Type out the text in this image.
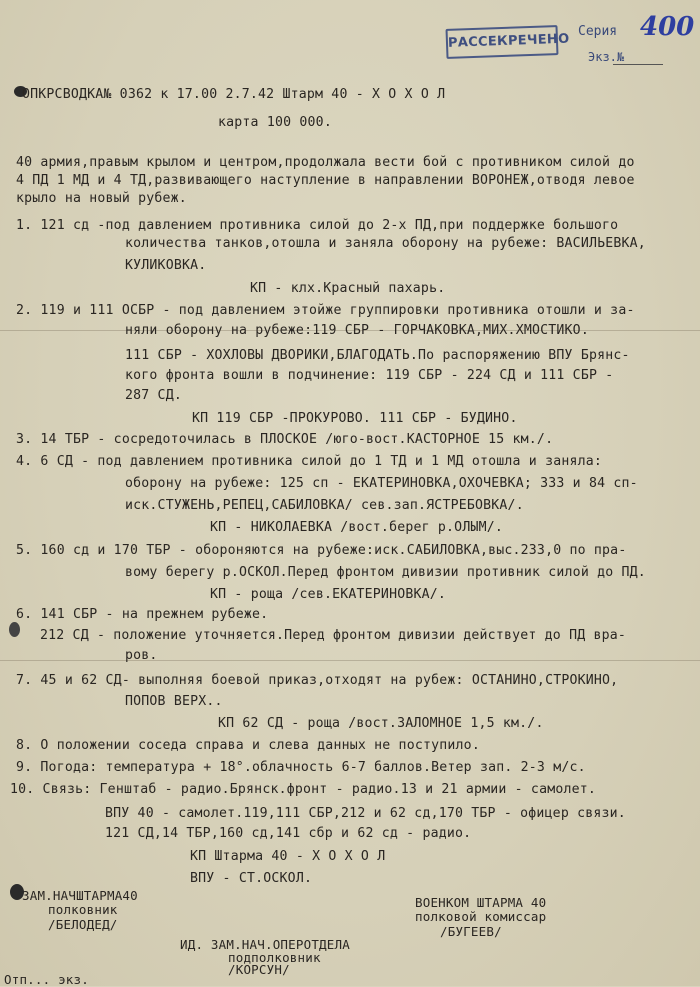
РАССЕКРЕЧЕНО
Серия 400
Экз.№
ОПКРСВОДКА№ 0362 к 17.00 2.7.42 Штарм 40 - Х О Х О Л
карта 100 000.
40 армия,правым крылом и центром,продолжала вести бой с противником силой до
4 ПД 1 МД и 4 ТД,развивающего наступление в направлении ВОРОНЕЖ,отводя левое
крыло на новый рубеж.
1. 121 сд -под давлением противника силой до 2-х ПД,при поддержке большого
количества танков,отошла и заняла оборону на рубеже: ВАСИЛЬЕВКА,
КУЛИКОВКА.
КП - клх.Красный пахарь.
2. 119 и 111 ОСБР - под давлением этойже группировки противника отошли и за-
няли оборону на рубеже:119 СБР - ГОРЧАКОВКА,МИХ.ХМОСТИКО.
111 СБР - ХОХЛОВЫ ДВОРИКИ,БЛАГОДАТЬ.По распоряжению ВПУ Брянс-
кого фронта вошли в подчинение: 119 СБР - 224 СД и 111 СБР -
287 СД.
КП 119 СБР -ПРОКУРОВО. 111 СБР - БУДИНО.
3. 14 ТБР - сосредоточилась в ПЛОСКОЕ /юго-вост.КАСТОРНОЕ 15 км./.
4. 6 СД - под давлением противника силой до 1 ТД и 1 МД отошла и заняла:
оборону на рубеже: 125 сп - ЕКАТЕРИНОВКА,ОХОЧЕВКА; 333 и 84 сп-
иск.СТУЖЕНЬ,РЕПЕЦ,САБИЛОВКА/ сев.зап.ЯСТРЕБОВКА/.
КП - НИКОЛАЕВКА /вост.берег р.ОЛЫМ/.
5. 160 сд и 170 ТБР - обороняются на рубеже:иск.САБИЛОВКА,выс.233,0 по пра-
вому берегу р.ОСКОЛ.Перед фронтом дивизии противник силой до ПД.
КП - роща /сев.ЕКАТЕРИНОВКА/.
6. 141 СБР - на прежнем рубеже.
212 СД - положение уточняется.Перед фронтом дивизии действует до ПД вра-
ров.
7. 45 и 62 СД- выполняя боевой приказ,отходят на рубеж: ОСТАНИНО,СТРОКИНО,
ПОПОВ ВЕРХ..
КП 62 СД - роща /вост.ЗАЛОМНОЕ 1,5 км./.
8. О положении соседа справа и слева данных не поступило.
9. Погода: температура + 18°.облачность 6-7 баллов.Ветер зап. 2-3 м/с.
10. Связь: Генштаб - радио.Брянск.фронт - радио.13 и 21 армии - самолет.
ВПУ 40 - самолет.119,111 СБР,212 и 62 сд,170 ТБР - офицер связи.
121 СД,14 ТБР,160 сд,141 сбр и 62 сд - радио.
КП Штарма 40 - Х О Х О Л
ВПУ - СТ.ОСКОЛ.
ЗАМ.НАЧШТАРМА40
полковник
/БЕЛОДЕД/
ВОЕНКОМ ШТАРМА 40
полковой комиссар
/БУГЕЕВ/
ИД. ЗАМ.НАЧ.ОПЕРОТДЕЛА
подполковник
/КОРСУН/
Отп... экз.
